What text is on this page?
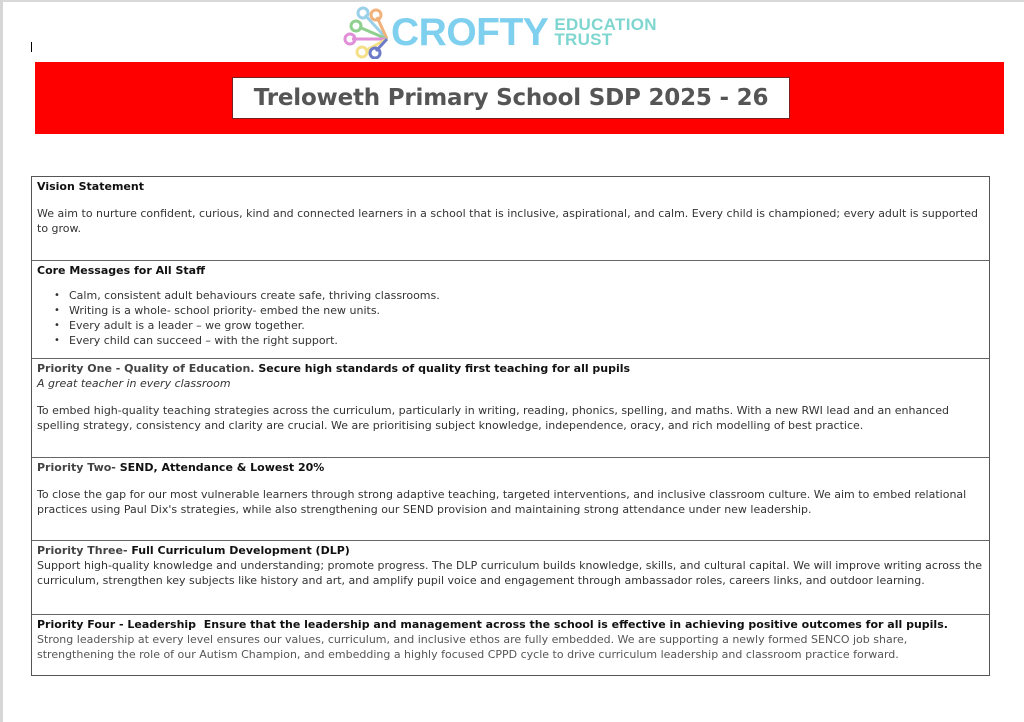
CROFTY EDUCATION
TRUST
Treloweth Primary School SDP 2025 - 26
Vision Statement

We aim to nurture confident, curious, kind and connected learners in a school that is inclusive, aspirational, and calm. Every child is championed; every adult is supported to grow.

Core Messages for All Staff
• Calm, consistent adult behaviours create safe, thriving classrooms.
• Writing is a whole- school priority- embed the new units.
• Every adult is a leader – we grow together.
• Every child can succeed – with the right support.
Priority One - Quality of Education. Secure high standards of quality first teaching for all pupils
A great teacher in every classroom

To embed high-quality teaching strategies across the curriculum, particularly in writing, reading, phonics, spelling, and maths. With a new RWI lead and an enhanced spelling strategy, consistency and clarity are crucial. We are prioritising subject knowledge, independence, oracy, and rich modelling of best practice.

Priority Two- SEND, Attendance & Lowest 20%

To close the gap for our most vulnerable learners through strong adaptive teaching, targeted interventions, and inclusive classroom culture. We aim to embed relational practices using Paul Dix's strategies, while also strengthening our SEND provision and maintaining strong attendance under new leadership.

Priority Three- Full Curriculum Development (DLP)

Support high-quality knowledge and understanding; promote progress. The DLP curriculum builds knowledge, skills, and cultural capital. We will improve writing across the curriculum, strengthen key subjects like history and art, and amplify pupil voice and engagement through ambassador roles, careers links, and outdoor learning.

Priority Four - Leadership  Ensure that the leadership and management across the school is effective in achieving positive outcomes for all pupils.

Strong leadership at every level ensures our values, curriculum, and inclusive ethos are fully embedded. We are supporting a newly formed SENCO job share, strengthening the role of our Autism Champion, and embedding a highly focused CPPD cycle to drive curriculum leadership and classroom practice forward.
